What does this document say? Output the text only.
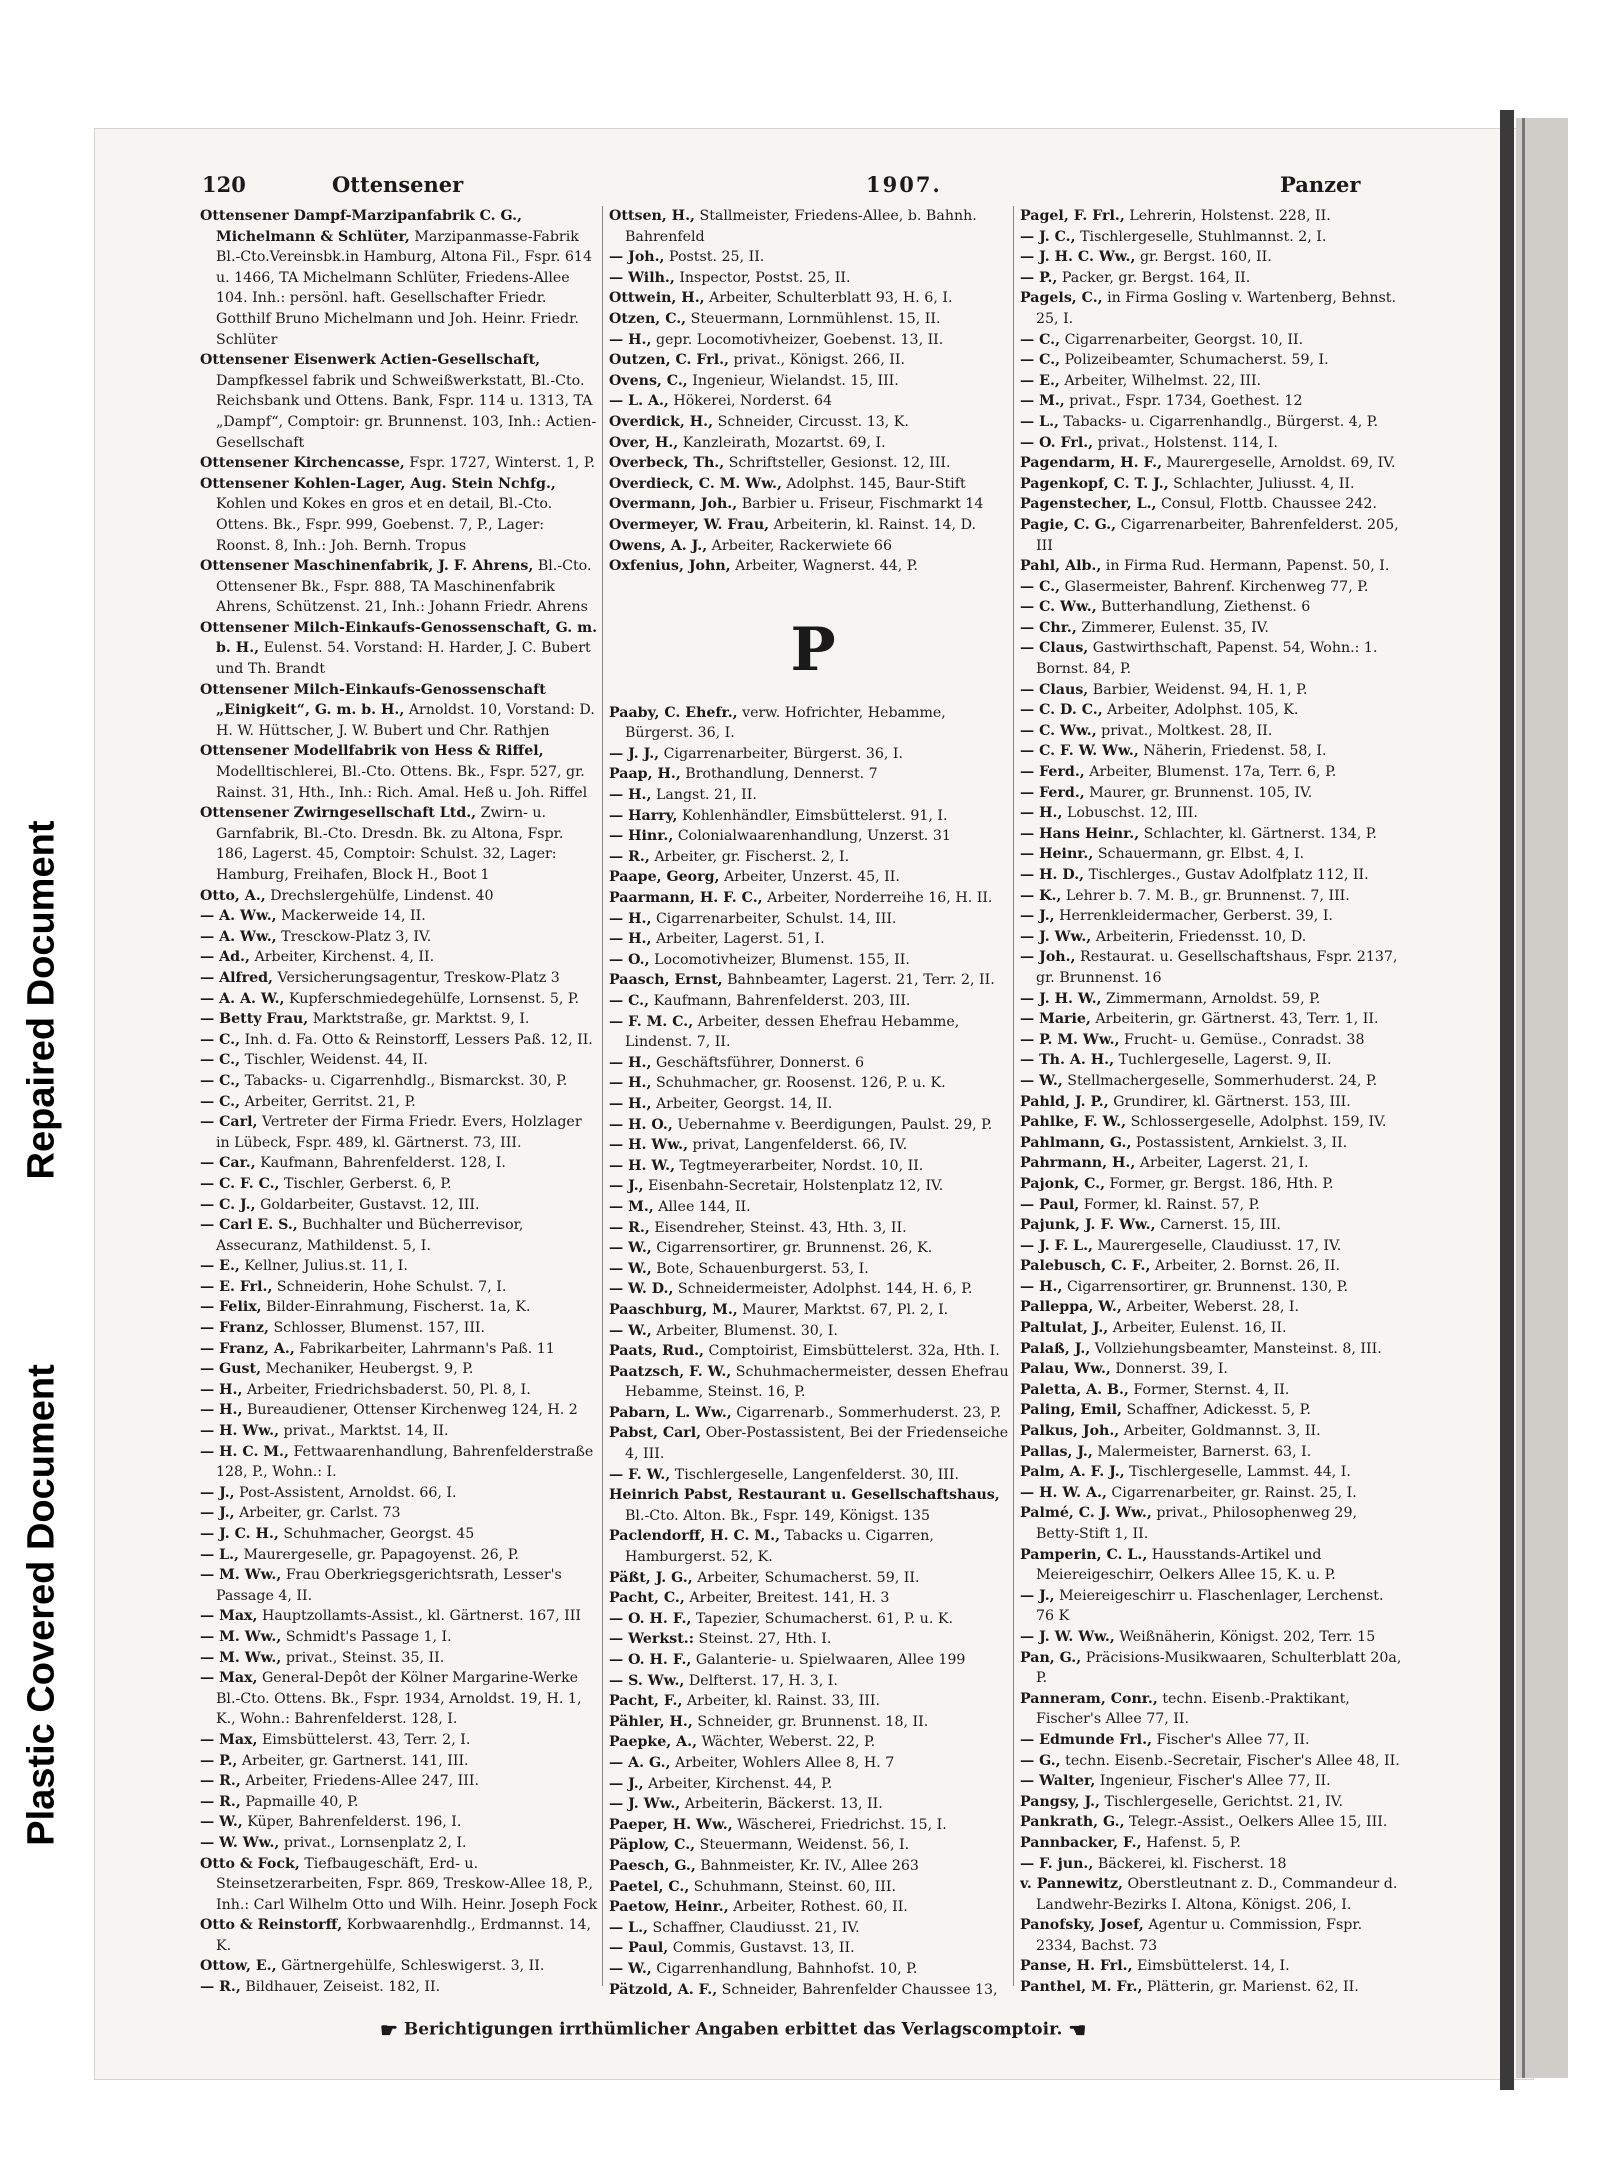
Repaired Document
Plastic Covered Document
120	Ottensener	1907.	Panzer

Ottensener Dampf-Marzipanfabrik C. G., Michelmann & Schlüter, Marzipanmasse-Fabrik Bl.-Cto.Vereinsbk.in Hamburg, Altona Fil., Fspr. 614 u. 1466, TA Michelmann Schlüter, Friedens-Allee 104. Inh.: persönl. haft. Gesellschafter Friedr. Gotthilf Bruno Michelmann und Joh. Heinr. Friedr. Schlüter

Ottensener Eisenwerk Actien-Gesellschaft, Dampfkessel fabrik und Schweißwerkstatt, Bl.-Cto. Reichsbank und Ottens. Bank, Fspr. 114 u. 1313, TA „Dampf“, Comptoir: gr. Brunnenst. 103, Inh.: Actien-Gesellschaft

Ottensener Kirchencasse, Fspr. 1727, Winterst. 1, P.

Ottensener Kohlen-Lager, Aug. Stein Nchfg., Kohlen und Kokes en gros et en detail, Bl.-Cto. Ottens. Bk., Fspr. 999, Goebenst. 7, P., Lager: Roonst. 8, Inh.: Joh. Bernh. Tropus

Ottensener Maschinenfabrik, J. F. Ahrens, Bl.-Cto. Ottensener Bk., Fspr. 888, TA Maschinenfabrik Ahrens, Schützenst. 21, Inh.: Johann Friedr. Ahrens

Ottensener Milch-Einkaufs-Genossenschaft, G. m. b. H., Eulenst. 54. Vorstand: H. Harder, J. C. Bubert und Th. Brandt

Ottensener Milch-Einkaufs-Genossenschaft „Einigkeit“, G. m. b. H., Arnoldst. 10, Vorstand: D. H. W. Hüttscher, J. W. Bubert und Chr. Rathjen

Ottensener Modellfabrik von Hess & Riffel, Modelltischlerei, Bl.-Cto. Ottens. Bk., Fspr. 527, gr. Rainst. 31, Hth., Inh.: Rich. Amal. Heß u. Joh. Riffel

Ottensener Zwirngesellschaft Ltd., Zwirn- u. Garnfabrik, Bl.-Cto. Dresdn. Bk. zu Altona, Fspr. 186, Lagerst. 45, Comptoir: Schulst. 32, Lager: Hamburg, Freihafen, Block H., Boot 1

Otto, A., Drechslergehülfe, Lindenst. 40

— A. Ww., Mackerweide 14, II.

— A. Ww., Tresckow-Platz 3, IV.

— Ad., Arbeiter, Kirchenst. 4, II.

— Alfred, Versicherungsagentur, Treskow-Platz 3

— A. A. W., Kupferschmiedegehülfe, Lornsenst. 5, P.

— Betty Frau, Marktstraße, gr. Marktst. 9, I.

— C., Inh. d. Fa. Otto & Reinstorff, Lessers Paß. 12, II.

— C., Tischler, Weidenst. 44, II.

— C., Tabacks- u. Cigarrenhdlg., Bismarckst. 30, P.

— C., Arbeiter, Gerritst. 21, P.

— Carl, Vertreter der Firma Friedr. Evers, Holzlager in Lübeck, Fspr. 489, kl. Gärtnerst. 73, III.

— Car., Kaufmann, Bahrenfelderst. 128, I.

— C. F. C., Tischler, Gerberst. 6, P.

— C. J., Goldarbeiter, Gustavst. 12, III.

— Carl E. S., Buchhalter und Bücherrevisor, Assecuranz, Mathildenst. 5, I.

— E., Kellner, Julius.st. 11, I.

— E. Frl., Schneiderin, Hohe Schulst. 7, I.

— Felix, Bilder-Einrahmung, Fischerst. 1a, K.

— Franz, Schlosser, Blumenst. 157, III.

— Franz, A., Fabrikarbeiter, Lahrmann's Paß. 11

— Gust, Mechaniker, Heubergst. 9, P.

— H., Arbeiter, Friedrichsbaderst. 50, Pl. 8, I.

— H., Bureaudiener, Ottenser Kirchenweg 124, H. 2

— H. Ww., privat., Marktst. 14, II.

— H. C. M., Fettwaarenhandlung, Bahrenfelderstraße 128, P., Wohn.: I.

— J., Post-Assistent, Arnoldst. 66, I.

— J., Arbeiter, gr. Carlst. 73

— J. C. H., Schuhmacher, Georgst. 45

— L., Maurergeselle, gr. Papagoyenst. 26, P.

— M. Ww., Frau Oberkriegsgerichtsrath, Lesser's Passage 4, II.

— Max, Hauptzollamts-Assist., kl. Gärtnerst. 167, III

— M. Ww., Schmidt's Passage 1, I.

— M. Ww., privat., Steinst. 35, II.

— Max, General-Depôt der Kölner Margarine-Werke Bl.-Cto. Ottens. Bk., Fspr. 1934, Arnoldst. 19, H. 1, K., Wohn.: Bahrenfelderst. 128, I.

— Max, Eimsbüttelerst. 43, Terr. 2, I.

— P., Arbeiter, gr. Gartnerst. 141, III.

— R., Arbeiter, Friedens-Allee 247, III.

— R., Papmaille 40, P.

— W., Küper, Bahrenfelderst. 196, I.

— W. Ww., privat., Lornsenplatz 2, I.

Otto & Fock, Tiefbaugeschäft, Erd- u. Steinsetzerarbeiten, Fspr. 869, Treskow-Allee 18, P., Inh.: Carl Wilhelm Otto und Wilh. Heinr. Joseph Fock

Otto & Reinstorff, Korbwaarenhdlg., Erdmannst. 14, K.

Ottow, E., Gärtnergehülfe, Schleswigerst. 3, II.

— R., Bildhauer, Zeiseist. 182, II.

Ottsen, H., Stallmeister, Friedens-Allee, b. Bahnh. Bahrenfeld

— Joh., Postst. 25, II.

— Wilh., Inspector, Postst. 25, II.

Ottwein, H., Arbeiter, Schulterblatt 93, H. 6, I.

Otzen, C., Steuermann, Lornmühlenst. 15, II.

— H., gepr. Locomotivheizer, Goebenst. 13, II.

Outzen, C. Frl., privat., Königst. 266, II.

Ovens, C., Ingenieur, Wielandst. 15, III.

— L. A., Hökerei, Norderst. 64

Overdick, H., Schneider, Circusst. 13, K.

Over, H., Kanzleirath, Mozartst. 69, I.

Overbeck, Th., Schriftsteller, Gesionst. 12, III.

Overdieck, C. M. Ww., Adolphst. 145, Baur-Stift

Overmann, Joh., Barbier u. Friseur, Fischmarkt 14

Overmeyer, W. Frau, Arbeiterin, kl. Rainst. 14, D.

Owens, A. J., Arbeiter, Rackerwiete 66

Oxfenius, John, Arbeiter, Wagnerst. 44, P.

P

Paaby, C. Ehefr., verw. Hofrichter, Hebamme, Bürgerst. 36, I.

— J. J., Cigarrenarbeiter, Bürgerst. 36, I.

Paap, H., Brothandlung, Dennerst. 7

— H., Langst. 21, II.

— Harry, Kohlenhändler, Eimsbüttelerst. 91, I.

— Hinr., Colonialwaarenhandlung, Unzerst. 31

— R., Arbeiter, gr. Fischerst. 2, I.

Paape, Georg, Arbeiter, Unzerst. 45, II.

Paarmann, H. F. C., Arbeiter, Norderreihe 16, H. II.

— H., Cigarrenarbeiter, Schulst. 14, III.

— H., Arbeiter, Lagerst. 51, I.

— O., Locomotivheizer, Blumenst. 155, II.

Paasch, Ernst, Bahnbeamter, Lagerst. 21, Terr. 2, II.

— C., Kaufmann, Bahrenfelderst. 203, III.

— F. M. C., Arbeiter, dessen Ehefrau Hebamme, Lindenst. 7, II.

— H., Geschäftsführer, Donnerst. 6

— H., Schuhmacher, gr. Roosenst. 126, P. u. K.

— H., Arbeiter, Georgst. 14, II.

— H. O., Uebernahme v. Beerdigungen, Paulst. 29, P.

— H. Ww., privat, Langenfelderst. 66, IV.

— H. W., Tegtmeyerarbeiter, Nordst. 10, II.

— J., Eisenbahn-Secretair, Holstenplatz 12, IV.

— M., Allee 144, II.

— R., Eisendreher, Steinst. 43, Hth. 3, II.

— W., Cigarrensortirer, gr. Brunnenst. 26, K.

— W., Bote, Schauenburgerst. 53, I.

— W. D., Schneidermeister, Adolphst. 144, H. 6, P.

Paaschburg, M., Maurer, Marktst. 67, Pl. 2, I.

— W., Arbeiter, Blumenst. 30, I.

Paats, Rud., Comptoirist, Eimsbüttelerst. 32a, Hth. I.

Paatzsch, F. W., Schuhmachermeister, dessen Ehefrau Hebamme, Steinst. 16, P.

Pabarn, L. Ww., Cigarrenarb., Sommerhuderst. 23, P.

Pabst, Carl, Ober-Postassistent, Bei der Friedenseiche 4, III.

— F. W., Tischlergeselle, Langenfelderst. 30, III.

Heinrich Pabst, Restaurant u. Gesellschaftshaus, Bl.-Cto. Alton. Bk., Fspr. 149, Königst. 135

Paclendorff, H. C. M., Tabacks u. Cigarren, Hamburgerst. 52, K.

Päßt, J. G., Arbeiter, Schumacherst. 59, II.

Pacht, C., Arbeiter, Breitest. 141, H. 3

— O. H. F., Tapezier, Schumacherst. 61, P. u. K.

— Werkst.: Steinst. 27, Hth. I.

— O. H. F., Galanterie- u. Spielwaaren, Allee 199

— S. Ww., Delfterst. 17, H. 3, I.

Pacht, F., Arbeiter, kl. Rainst. 33, III.

Pähler, H., Schneider, gr. Brunnenst. 18, II.

Paepke, A., Wächter, Weberst. 22, P.

— A. G., Arbeiter, Wohlers Allee 8, H. 7

— J., Arbeiter, Kirchenst. 44, P.

— J. Ww., Arbeiterin, Bäckerst. 13, II.

Paeper, H. Ww., Wäscherei, Friedrichst. 15, I.

Päplow, C., Steuermann, Weidenst. 56, I.

Paesch, G., Bahnmeister, Kr. IV., Allee 263

Paetel, C., Schuhmann, Steinst. 60, III.

Paetow, Heinr., Arbeiter, Rothest. 60, II.

— L., Schaffner, Claudiusst. 21, IV.

— Paul, Commis, Gustavst. 13, II.

— W., Cigarrenhandlung, Bahnhofst. 10, P.

Pätzold, A. F., Schneider, Bahrenfelder Chaussee 13,

Pagel, F. Frl., Lehrerin, Holstenst. 228, II.

— J. C., Tischlergeselle, Stuhlmannst. 2, I.

— J. H. C. Ww., gr. Bergst. 160, II.

— P., Packer, gr. Bergst. 164, II.

Pagels, C., in Firma Gosling v. Wartenberg, Behnst. 25, I.

— C., Cigarrenarbeiter, Georgst. 10, II.

— C., Polizeibeamter, Schumacherst. 59, I.

— E., Arbeiter, Wilhelmst. 22, III.

— M., privat., Fspr. 1734, Goethest. 12

— L., Tabacks- u. Cigarrenhandlg., Bürgerst. 4, P.

— O. Frl., privat., Holstenst. 114, I.

Pagendarm, H. F., Maurergeselle, Arnoldst. 69, IV.

Pagenkopf, C. T. J., Schlachter, Juliusst. 4, II.

Pagenstecher, L., Consul, Flottb. Chaussee 242.

Pagie, C. G., Cigarrenarbeiter, Bahrenfelderst. 205, III

Pahl, Alb., in Firma Rud. Hermann, Papenst. 50, I.

— C., Glasermeister, Bahrenf. Kirchenweg 77, P.

— C. Ww., Butterhandlung, Ziethenst. 6

— Chr., Zimmerer, Eulenst. 35, IV.

— Claus, Gastwirthschaft, Papenst. 54, Wohn.: 1. Bornst. 84, P.

— Claus, Barbier, Weidenst. 94, H. 1, P.

— C. D. C., Arbeiter, Adolphst. 105, K.

— C. Ww., privat., Moltkest. 28, II.

— C. F. W. Ww., Näherin, Friedenst. 58, I.

— Ferd., Arbeiter, Blumenst. 17a, Terr. 6, P.

— Ferd., Maurer, gr. Brunnenst. 105, IV.

— H., Lobuschst. 12, III.

— Hans Heinr., Schlachter, kl. Gärtnerst. 134, P.

— Heinr., Schauermann, gr. Elbst. 4, I.

— H. D., Tischlerges., Gustav Adolfplatz 112, II.

— K., Lehrer b. 7. M. B., gr. Brunnenst. 7, III.

— J., Herrenkleidermacher, Gerberst. 39, I.

— J. Ww., Arbeiterin, Friedensst. 10, D.

— Joh., Restaurat. u. Gesellschaftshaus, Fspr. 2137, gr. Brunnenst. 16

— J. H. W., Zimmermann, Arnoldst. 59, P.

— Marie, Arbeiterin, gr. Gärtnerst. 43, Terr. 1, II.

— P. M. Ww., Frucht- u. Gemüse., Conradst. 38

— Th. A. H., Tuchlergeselle, Lagerst. 9, II.

— W., Stellmachergeselle, Sommerhuderst. 24, P.

Pahld, J. P., Grundirer, kl. Gärtnerst. 153, III.

Pahlke, F. W., Schlossergeselle, Adolphst. 159, IV.

Pahlmann, G., Postassistent, Arnkielst. 3, II.

Pahrmann, H., Arbeiter, Lagerst. 21, I.

Pajonk, C., Former, gr. Bergst. 186, Hth. P.

— Paul, Former, kl. Rainst. 57, P.

Pajunk, J. F. Ww., Carnerst. 15, III.

— J. F. L., Maurergeselle, Claudiusst. 17, IV.

Palebusch, C. F., Arbeiter, 2. Bornst. 26, II.

— H., Cigarrensortirer, gr. Brunnenst. 130, P.

Palleppa, W., Arbeiter, Weberst. 28, I.

Paltulat, J., Arbeiter, Eulenst. 16, II.

Palaß, J., Vollziehungsbeamter, Mansteinst. 8, III.

Palau, Ww., Donnerst. 39, I.

Paletta, A. B., Former, Sternst. 4, II.

Paling, Emil, Schaffner, Adickesst. 5, P.

Palkus, Joh., Arbeiter, Goldmannst. 3, II.

Pallas, J., Malermeister, Barnerst. 63, I.

Palm, A. F. J., Tischlergeselle, Lammst. 44, I.

— H. W. A., Cigarrenarbeiter, gr. Rainst. 25, I.

Palmé, C. J. Ww., privat., Philosophenweg 29, Betty-Stift 1, II.

Pamperin, C. L., Hausstands-Artikel und Meiereigeschirr, Oelkers Allee 15, K. u. P.

— J., Meiereigeschirr u. Flaschenlager, Lerchenst. 76 K

— J. W. Ww., Weißnäherin, Königst. 202, Terr. 15

Pan, G., Präcisions-Musikwaaren, Schulterblatt 20a, P.

Panneram, Conr., techn. Eisenb.-Praktikant, Fischer's Allee 77, II.

— Edmunde Frl., Fischer's Allee 77, II.

— G., techn. Eisenb.-Secretair, Fischer's Allee 48, II.

— Walter, Ingenieur, Fischer's Allee 77, II.

Pangsy, J., Tischlergeselle, Gerichtst. 21, IV.

Pankrath, G., Telegr.-Assist., Oelkers Allee 15, III.

Pannbacker, F., Hafenst. 5, P.

— F. jun., Bäckerei, kl. Fischerst. 18

v. Pannewitz, Oberstleutnant z. D., Commandeur d. Landwehr-Bezirks I. Altona, Königst. 206, I.

Panofsky, Josef, Agentur u. Commission, Fspr. 2334, Bachst. 73

Panse, H. Frl., Eimsbüttelerst. 14, I.

Panthel, M. Fr., Plätterin, gr. Marienst. 62, II.

☛ Berichtigungen irrthümlicher Angaben erbittet das Verlagscomptoir. ☚
